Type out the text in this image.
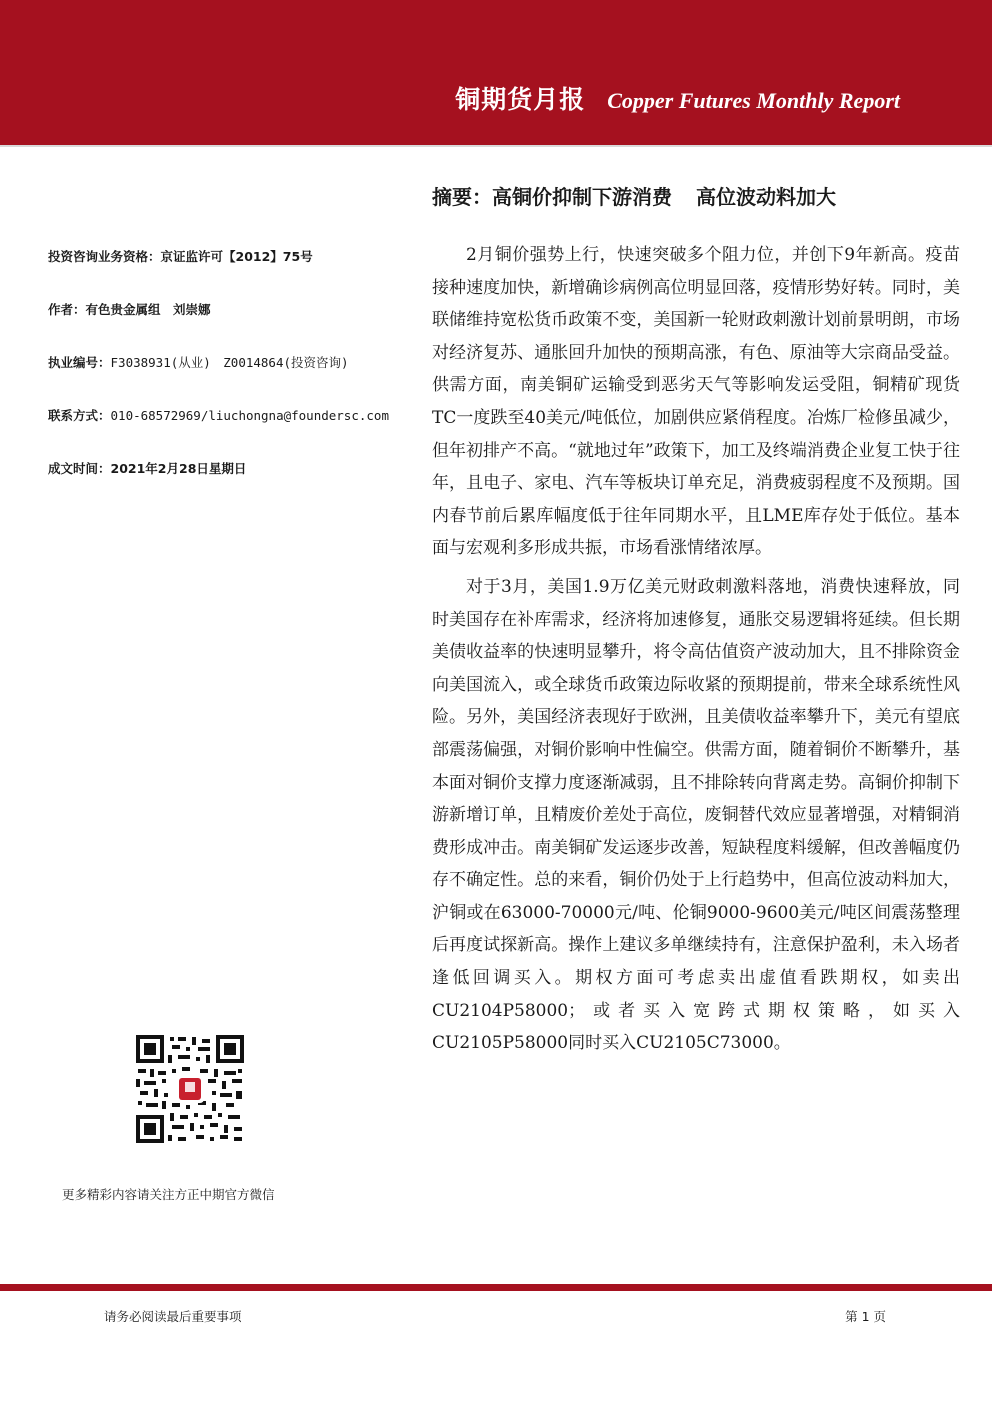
铜期货月报 Copper Futures Monthly Report
摘要：高铜价抑制下游消费 高位波动料加大
投资咨询业务资格：京证监许可【2012】75号
作者：有色贵金属组　刘崇娜
执业编号：F3038931(从业)　Z0014864(投资咨询)
联系方式：010-68572969/liuchongna@foundersc.com
成文时间：2021年2月28日星期日
更多精彩内容请关注方正中期官方微信

2月铜价强势上行，快速突破多个阻力位，并创下9年新高。疫苗接种速度加快，新增确诊病例高位明显回落，疫情形势好转。同时，美联储维持宽松货币政策不变，美国新一轮财政刺激计划前景明朗，市场对经济复苏、通胀回升加快的预期高涨，有色、原油等大宗商品受益。供需方面，南美铜矿运输受到恶劣天气等影响发运受阻，铜精矿现货TC一度跌至40美元/吨低位，加剧供应紧俏程度。冶炼厂检修虽减少，但年初排产不高。“就地过年”政策下，加工及终端消费企业复工快于往年，且电子、家电、汽车等板块订单充足，消费疲弱程度不及预期。国内春节前后累库幅度低于往年同期水平，且LME库存处于低位。基本面与宏观利多形成共振，市场看涨情绪浓厚。

对于3月，美国1.9万亿美元财政刺激料落地，消费快速释放，同时美国存在补库需求，经济将加速修复，通胀交易逻辑将延续。但长期美债收益率的快速明显攀升，将令高估值资产波动加大，且不排除资金向美国流入，或全球货币政策边际收紧的预期提前，带来全球系统性风险。另外，美国经济表现好于欧洲，且美债收益率攀升下，美元有望底部震荡偏强，对铜价影响中性偏空。供需方面，随着铜价不断攀升，基本面对铜价支撑力度逐渐减弱，且不排除转向背离走势。高铜价抑制下游新增订单，且精废价差处于高位，废铜替代效应显著增强，对精铜消费形成冲击。南美铜矿发运逐步改善，短缺程度料缓解，但改善幅度仍存不确定性。总的来看，铜价仍处于上行趋势中，但高位波动料加大，沪铜或在63000-70000元/吨、伦铜9000-9600美元/吨区间震荡整理后再度试探新高。操作上建议多单继续持有，注意保护盈利，未入场者逢低回调买入。期权方面可考虑卖出虚值看跌期权，如卖出CU2104P58000；或者买入宽跨式期权策略，如买入CU2105P58000同时买入CU2105C73000。

请务必阅读最后重要事项	第 1 页
